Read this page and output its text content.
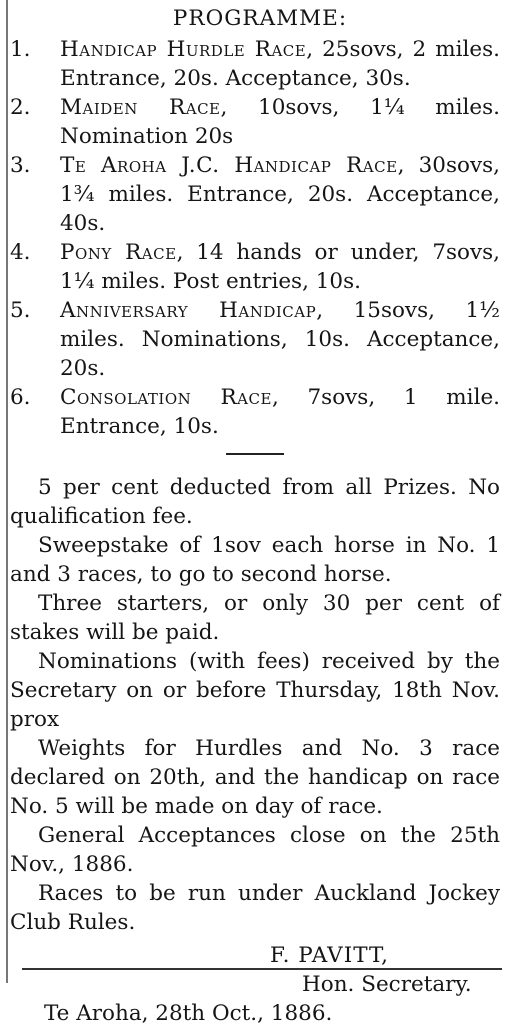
PROGRAMME:
1. Handicap Hurdle Race, 25sovs, 2 miles. Entrance, 20s. Acceptance, 30s.
2. Maiden Race, 10sovs, 1¼ miles. Nomination 20s
3. Te Aroha J.C. Handicap Race, 30sovs, 1¾ miles. Entrance, 20s. Acceptance, 40s.
4. Pony Race, 14 hands or under, 7sovs, 1¼ miles. Post entries, 10s.
5. Anniversary Handicap, 15sovs, 1½ miles. Nominations, 10s. Acceptance, 20s.
6. Consolation Race, 7sovs, 1 mile. Entrance, 10s.

5 per cent deducted from all Prizes. No qualification fee.

Sweepstake of 1sov each horse in No. 1 and 3 races, to go to second horse.

Three starters, or only 30 per cent of stakes will be paid.

Nominations (with fees) received by the Secretary on or before Thursday, 18th Nov. prox

Weights for Hurdles and No. 3 race declared on 20th, and the handicap on race No. 5 will be made on day of race.

General Acceptances close on the 25th Nov., 1886.

Races to be run under Auckland Jockey Club Rules.

F. PAVITT,
Hon. Secretary.
Te Aroha, 28th Oct., 1886.
